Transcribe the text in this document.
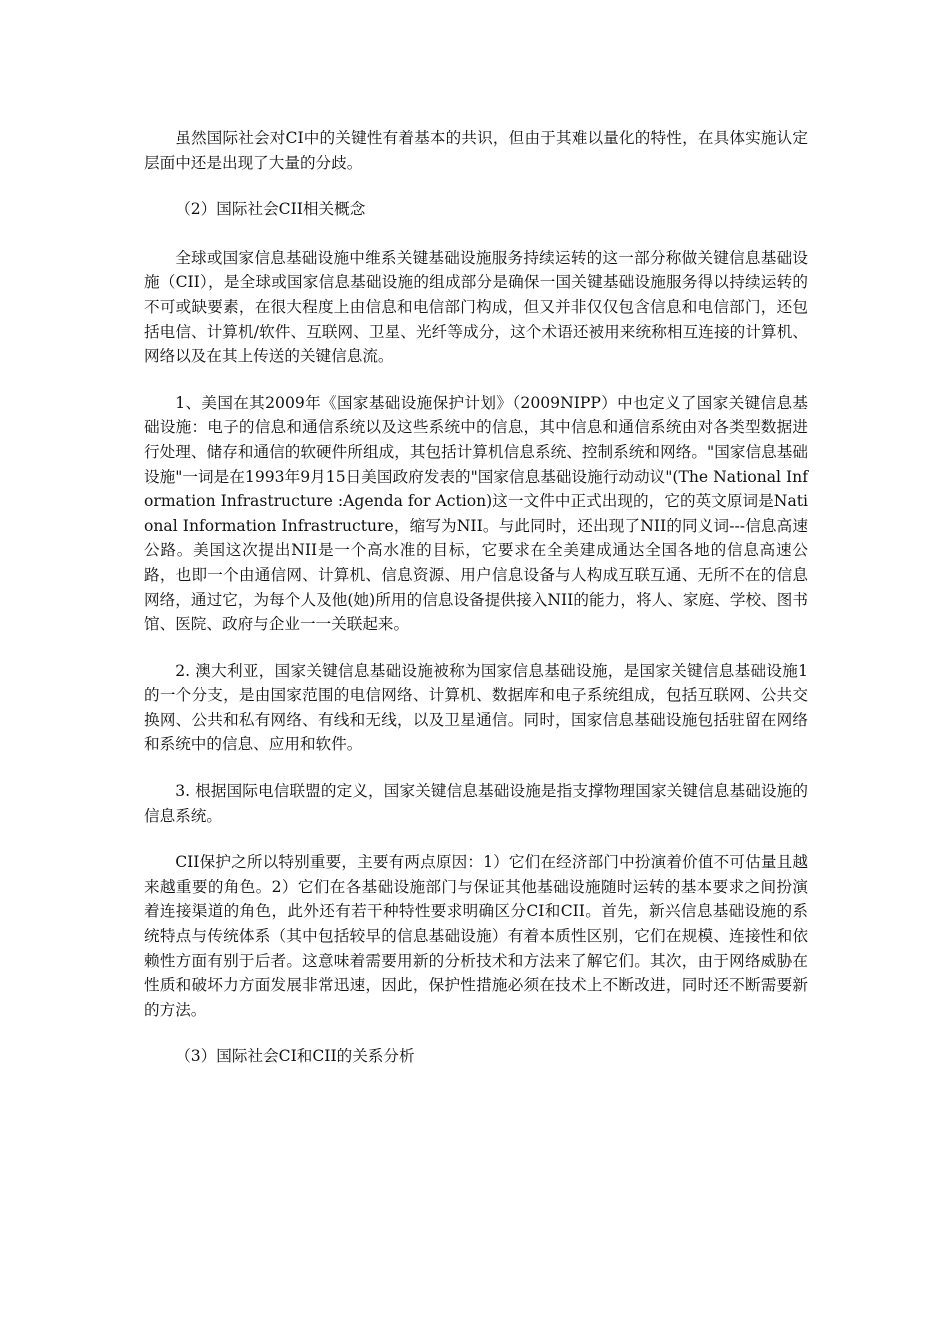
虽然国际社会对CI中的关键性有着基本的共识，但由于其难以量化的特性，在具体实施认定层面中还是出现了大量的分歧。

（2）国际社会CII相关概念

全球或国家信息基础设施中维系关键基础设施服务持续运转的这一部分称做关键信息基础设施（CII），是全球或国家信息基础设施的组成部分是确保一国关键基础设施服务得以持续运转的不可或缺要素，在很大程度上由信息和电信部门构成，但又并非仅仅包含信息和电信部门，还包括电信、计算机/软件、互联网、卫星、光纤等成分，这个术语还被用来统称相互连接的计算机、网络以及在其上传送的关键信息流。

1、美国在其2009年《国家基础设施保护计划》（2009NIPP）中也定义了国家关键信息基础设施：电子的信息和通信系统以及这些系统中的信息，其中信息和通信系统由对各类型数据进行处理、储存和通信的软硬件所组成，其包括计算机信息系统、控制系统和网络。"国家信息基础设施"一词是在1993年9月15日美国政府发表的"国家信息基础设施行动动议"(The National Information Infrastructure :Agenda for Action)这一文件中正式出现的，它的英文原词是National Information Infrastructure，缩写为NII。与此同时，还出现了NII的同义词---信息高速公路。美国这次提出NII是一个高水准的目标，它要求在全美建成通达全国各地的信息高速公路，也即一个由通信网、计算机、信息资源、用户信息设备与人构成互联互通、无所不在的信息网络，通过它，为每个人及他(她)所用的信息设备提供接入NII的能力，将人、家庭、学校、图书馆、医院、政府与企业一一关联起来。

2. 澳大利亚，国家关键信息基础设施被称为国家信息基础设施，是国家关键信息基础设施1的一个分支，是由国家范围的电信网络、计算机、数据库和电子系统组成，包括互联网、公共交换网、公共和私有网络、有线和无线，以及卫星通信。同时，国家信息基础设施包括驻留在网络和系统中的信息、应用和软件。

3. 根据国际电信联盟的定义，国家关键信息基础设施是指支撑物理国家关键信息基础设施的信息系统。

CII保护之所以特别重要，主要有两点原因：1）它们在经济部门中扮演着价值不可估量且越来越重要的角色。2）它们在各基础设施部门与保证其他基础设施随时运转的基本要求之间扮演着连接渠道的角色，此外还有若干种特性要求明确区分CI和CII。首先，新兴信息基础设施的系统特点与传统体系（其中包括较早的信息基础设施）有着本质性区别，它们在规模、连接性和依赖性方面有别于后者。这意味着需要用新的分析技术和方法来了解它们。其次，由于网络威胁在性质和破坏力方面发展非常迅速，因此，保护性措施必须在技术上不断改进，同时还不断需要新的方法。

（3）国际社会CI和CII的关系分析
